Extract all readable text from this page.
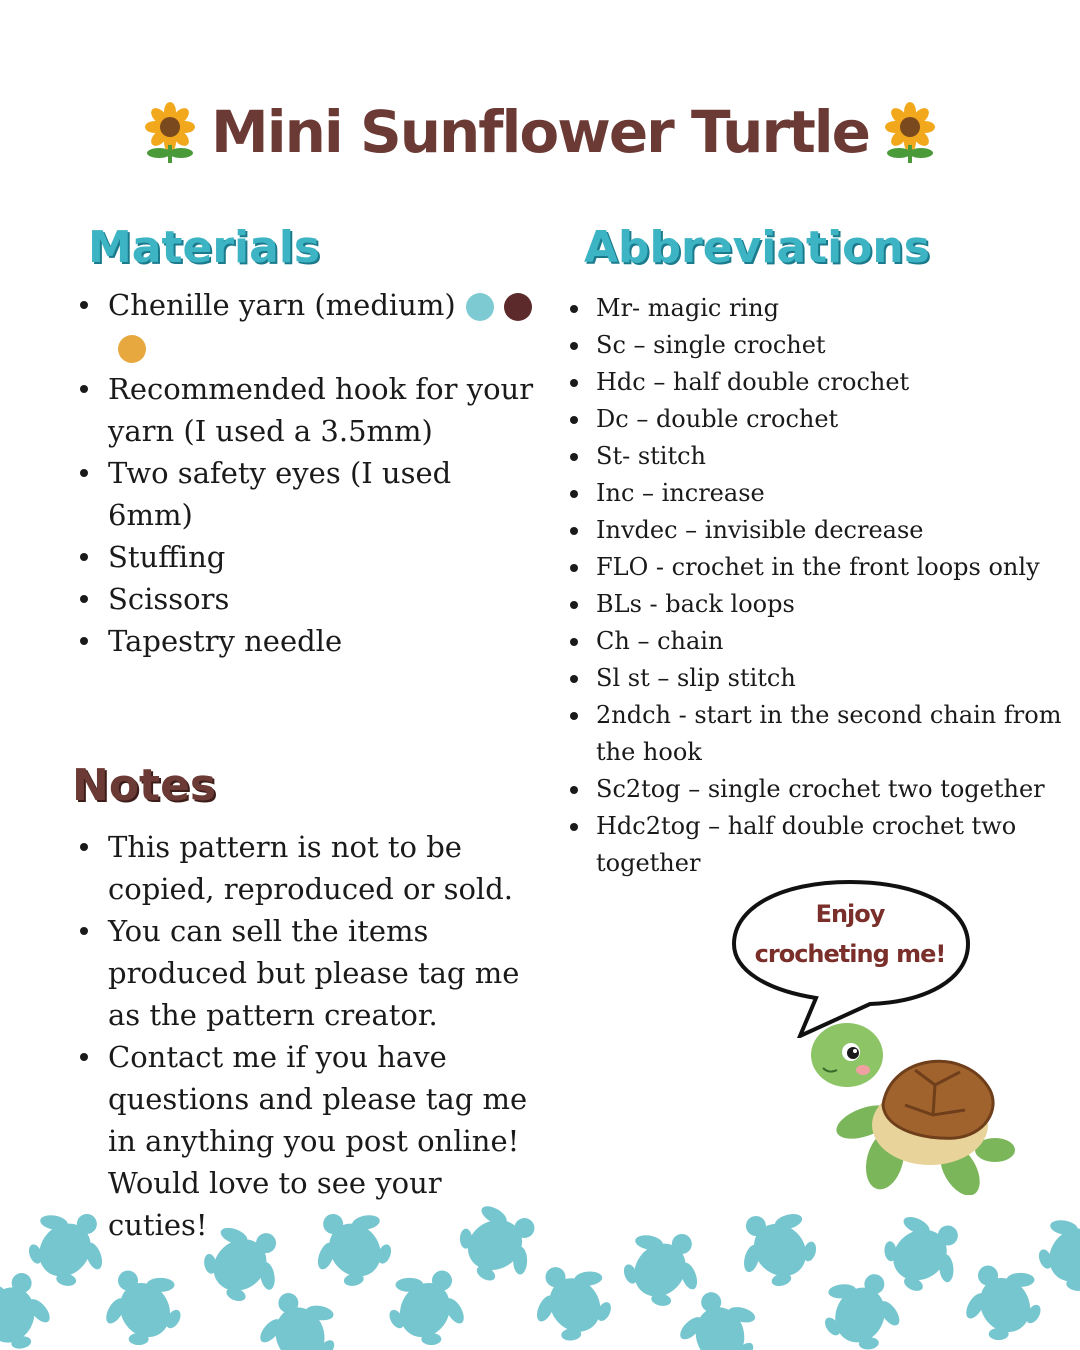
Mini Sunflower Turtle
Materials
Chenille yarn (medium)
Recommended hook for your yarn (I used a 3.5mm)
Two safety eyes (I used 6mm)
Stuffing
Scissors
Tapestry needle
Abbreviations
Mr- magic ring
Sc – single crochet
Hdc – half double crochet
Dc – double crochet
St- stitch
Inc – increase
Invdec – invisible decrease
FLO - crochet in the front loops only
BLs - back loops
Ch – chain
Sl st – slip stitch
2ndch - start in the second chain from the hook
Sc2tog – single crochet two together
Hdc2tog – half double crochet two together
Notes
This pattern is not to be copied, reproduced or sold.
You can sell the items produced but please tag me as the pattern creator.
Contact me if you have questions and please tag me in anything you post online! Would love to see your cuties!
Enjoy
crocheting me!
